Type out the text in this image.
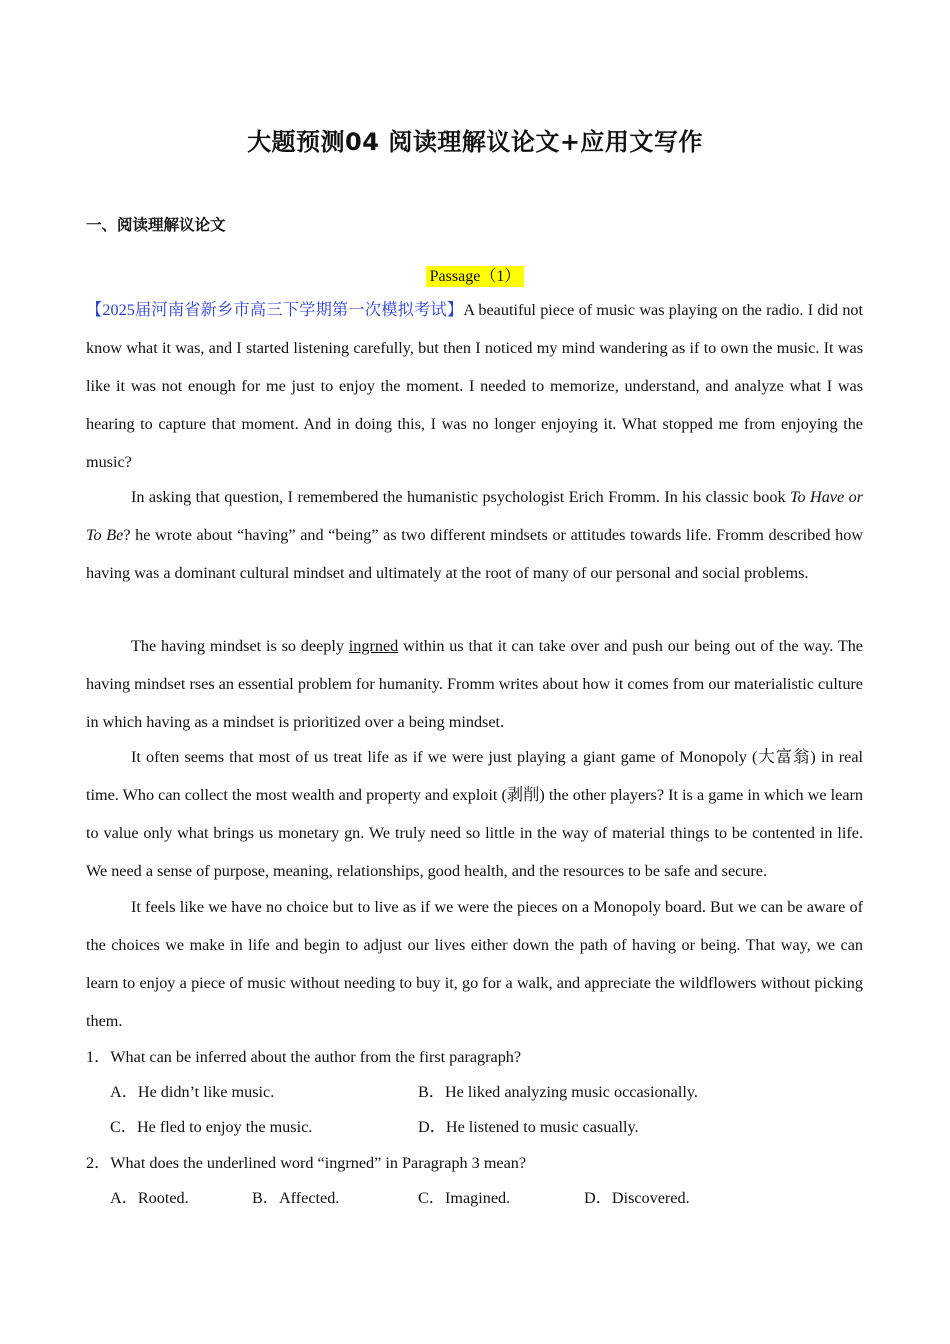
大题预测04 阅读理解议论文+应用文写作
一、阅读理解议论文
Passage（1）

【2025届河南省新乡市高三下学期第一次模拟考试】A beautiful piece of music was playing on the radio. I did not know what it was, and I started listening carefully, but then I noticed my mind wandering as if to own the music. It was like it was not enough for me just to enjoy the moment. I needed to memorize, understand, and analyze what I was hearing to capture that moment. And in doing this, I was no longer enjoying it. What stopped me from enjoying the music?

In asking that question, I remembered the humanistic psychologist Erich Fromm. In his classic book To Have or To Be? he wrote about “having” and “being” as two different mindsets or attitudes towards life. Fromm described how having was a dominant cultural mindset and ultimately at the root of many of our personal and social problems.

The having mindset is so deeply ingrned within us that it can take over and push our being out of the way. The having mindset rses an essential problem for humanity. Fromm writes about how it comes from our materialistic culture in which having as a mindset is prioritized over a being mindset.

It often seems that most of us treat life as if we were just playing a giant game of Monopoly (大富翁) in real time. Who can collect the most wealth and property and exploit (剥削) the other players? It is a game in which we learn to value only what brings us monetary gn. We truly need so little in the way of material things to be contented in life. We need a sense of purpose, meaning, relationships, good health, and the resources to be safe and secure.

It feels like we have no choice but to live as if we were the pieces on a Monopoly board. But we can be aware of the choices we make in life and begin to adjust our lives either down the path of having or being. That way, we can learn to enjoy a piece of music without needing to buy it, go for a walk, and appreciate the wildflowers without picking them.

1．What can be inferred about the author from the first paragraph?
A．He didn’t like music.	B．He liked analyzing music occasionally.
C．He fled to enjoy the music.	D．He listened to music casually.
2．What does the underlined word “ingrned” in Paragraph 3 mean?
A．Rooted.	B．Affected.	C．Imagined.	D．Discovered.
